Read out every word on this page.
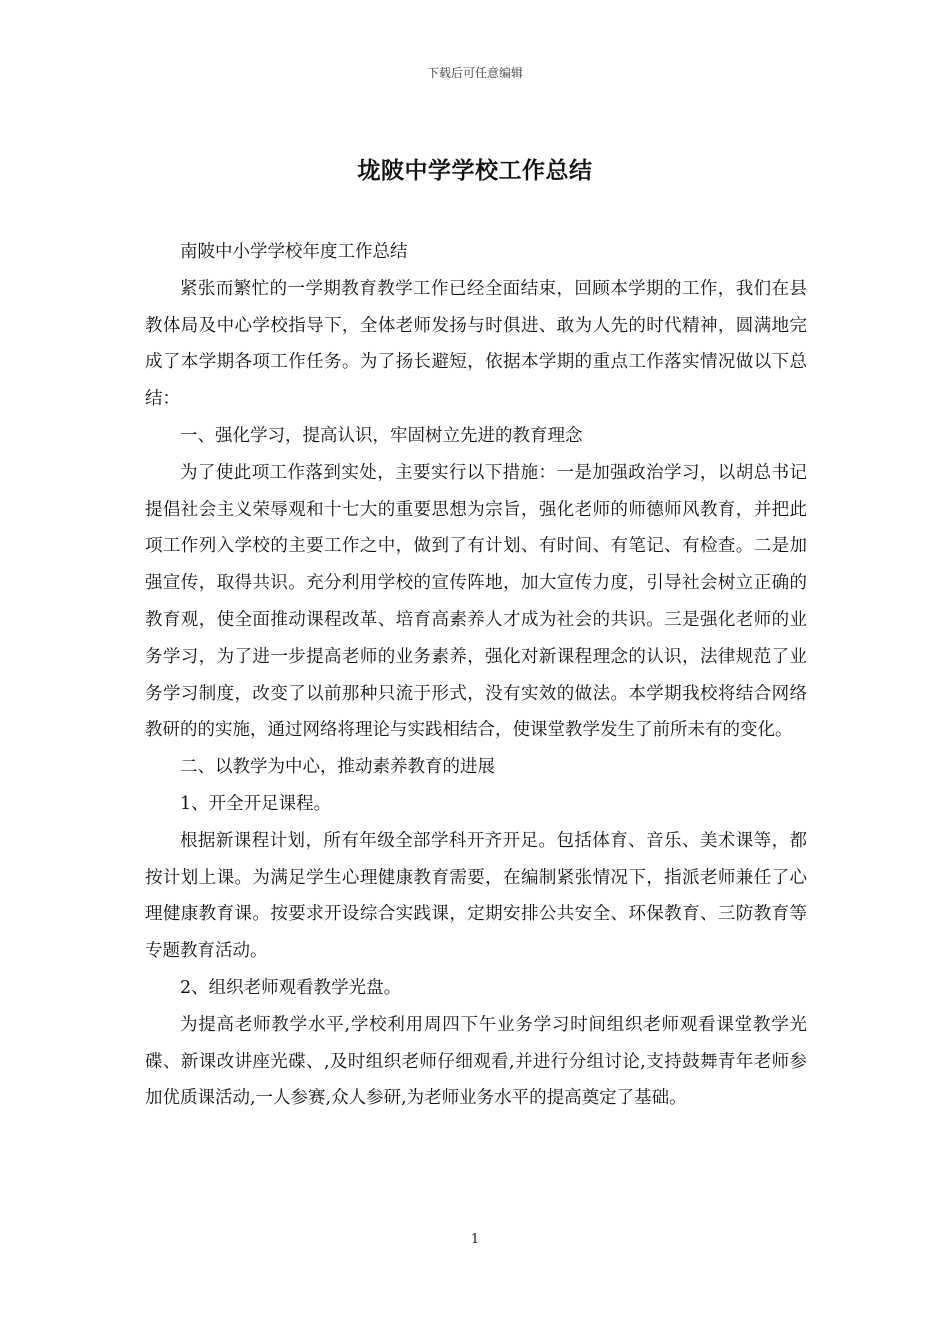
下载后可任意编辑
垅陂中学学校工作总结

南陂中小学学校年度工作总结

紧张而繁忙的一学期教育教学工作已经全面结束，回顾本学期的工作，我们在县教体局及中心学校指导下，全体老师发扬与时俱进、敢为人先的时代精神，圆满地完成了本学期各项工作任务。为了扬长避短，依据本学期的重点工作落实情况做以下总结：

一、强化学习，提高认识，牢固树立先进的教育理念

为了使此项工作落到实处，主要实行以下措施：一是加强政治学习，以胡总书记提倡社会主义荣辱观和十七大的重要思想为宗旨，强化老师的师德师风教育，并把此项工作列入学校的主要工作之中，做到了有计划、有时间、有笔记、有检查。二是加强宣传，取得共识。充分利用学校的宣传阵地，加大宣传力度，引导社会树立正确的教育观，使全面推动课程改革、培育高素养人才成为社会的共识。三是强化老师的业务学习，为了进一步提高老师的业务素养，强化对新课程理念的认识，法律规范了业务学习制度，改变了以前那种只流于形式，没有实效的做法。本学期我校将结合网络教研的的实施，通过网络将理论与实践相结合，使课堂教学发生了前所未有的变化。

二、以教学为中心，推动素养教育的进展

1、开全开足课程。

根据新课程计划，所有年级全部学科开齐开足。包括体育、音乐、美术课等，都按计划上课。为满足学生心理健康教育需要，在编制紧张情况下，指派老师兼任了心理健康教育课。按要求开设综合实践课，定期安排公共安全、环保教育、三防教育等专题教育活动。

2、组织老师观看教学光盘。

为提高老师教学水平,学校利用周四下午业务学习时间组织老师观看课堂教学光碟、新课改讲座光碟、,及时组织老师仔细观看,并进行分组讨论,支持鼓舞青年老师参加优质课活动,一人参赛,众人参研,为老师业务水平的提高奠定了基础。

1
